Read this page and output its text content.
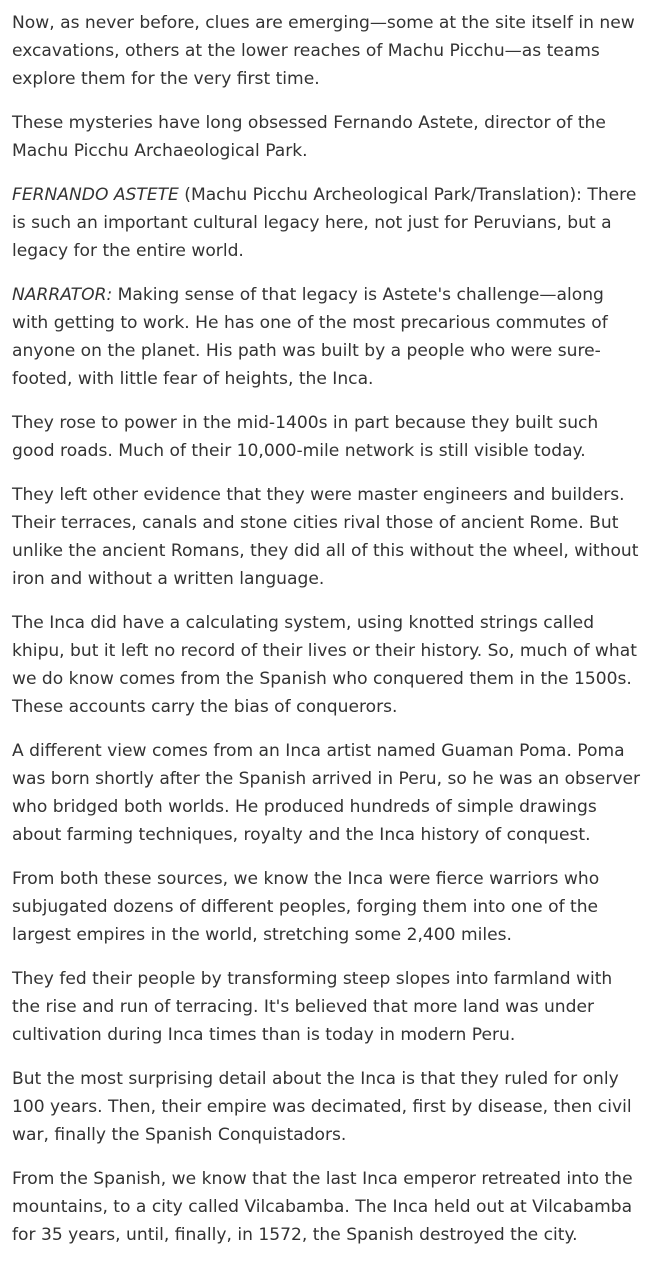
Now, as never before, clues are emerging—some at the site itself in new excavations, others at the lower reaches of Machu Picchu—as teams explore them for the very first time.

These mysteries have long obsessed Fernando Astete, director of the Machu Picchu Archaeological Park.

FERNANDO ASTETE (Machu Picchu Archeological Park/Translation): There is such an important cultural legacy here, not just for Peruvians, but a legacy for the entire world.

NARRATOR: Making sense of that legacy is Astete's challenge—along with getting to work. He has one of the most precarious commutes of anyone on the planet. His path was built by a people who were sure-footed, with little fear of heights, the Inca.

They rose to power in the mid-1400s in part because they built such good roads. Much of their 10,000-mile network is still visible today.

They left other evidence that they were master engineers and builders. Their terraces, canals and stone cities rival those of ancient Rome. But unlike the ancient Romans, they did all of this without the wheel, without iron and without a written language.

The Inca did have a calculating system, using knotted strings called khipu, but it left no record of their lives or their history. So, much of what we do know comes from the Spanish who conquered them in the 1500s. These accounts carry the bias of conquerors.

A different view comes from an Inca artist named Guaman Poma. Poma was born shortly after the Spanish arrived in Peru, so he was an observer who bridged both worlds. He produced hundreds of simple drawings about farming techniques, royalty and the Inca history of conquest.

From both these sources, we know the Inca were fierce warriors who subjugated dozens of different peoples, forging them into one of the largest empires in the world, stretching some 2,400 miles.

They fed their people by transforming steep slopes into farmland with the rise and run of terracing. It's believed that more land was under cultivation during Inca times than is today in modern Peru.

But the most surprising detail about the Inca is that they ruled for only 100 years. Then, their empire was decimated, first by disease, then civil war, finally the Spanish Conquistadors.

From the Spanish, we know that the last Inca emperor retreated into the mountains, to a city called Vilcabamba. The Inca held out at Vilcabamba for 35 years, until, finally, in 1572, the Spanish destroyed the city.
